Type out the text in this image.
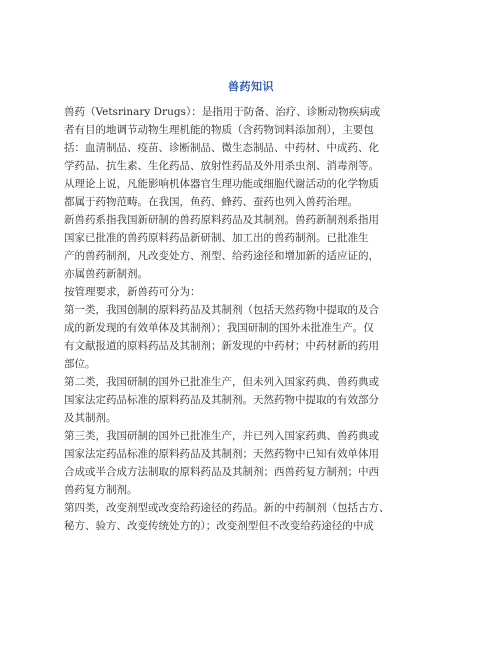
兽药知识
兽药（Vetsrinary Drugs）：是指用于防备、治疗、诊断动物疾病或
者有目的地调节动物生理机能的物质（含药物饲料添加剂），主要包
括：血清制品、疫苗、诊断制品、微生态制品、中药材、中成药、化
学药品、抗生素、生化药品、放射性药品及外用杀虫剂、消毒剂等。
从理论上说，凡能影响机体器官生理功能或细胞代谢活动的化学物质
都属于药物范畴。在我国，鱼药、蜂药、蚕药也列入兽药治理。
新兽药系指我国新研制的兽药原料药品及其制剂。兽药新制剂系指用
国家已批准的兽药原料药品新研制、加工出的兽药制剂。已批准生
产的兽药制剂，凡改变处方、剂型、给药途径和增加新的适应证的，
亦属兽药新制剂。
按管理要求，新兽药可分为：
第一类，我国创制的原料药品及其制剂（包括天然药物中提取的及合
成的新发现的有效单体及其制剂）；我国研制的国外未批准生产。仅
有文献报道的原料药品及其制剂；新发现的中药材；中药材新的药用
部位。
第二类，我国研制的国外已批准生产，但未列入国家药典、兽药典或
国家法定药品标准的原料药品及其制剂。天然药物中提取的有效部分
及其制剂。
第三类，我国研制的国外已批准生产，并已列入国家药典、兽药典或
国家法定药品标准的原料药品及其制剂；天然药物中已知有效单体用
合成或半合成方法制取的原料药品及其制剂；西兽药复方制剂；中西
兽药复方制剂。
第四类，改变剂型或改变给药途径的药品。新的中药制剂（包括古方、
秘方、验方、改变传统处方的）；改变剂型但不改变给药途径的中成
